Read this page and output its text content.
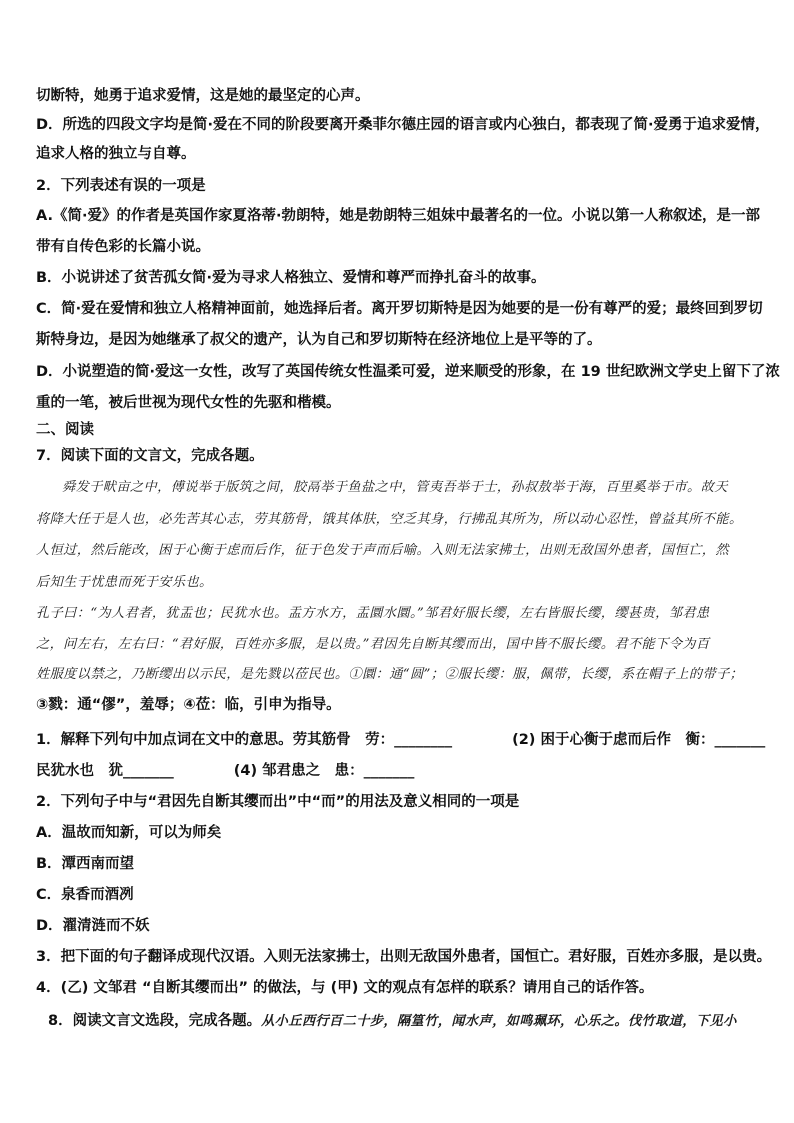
切断特，她勇于追求爱情，这是她的最坚定的心声。
D．所选的四段文字均是简·爱在不同的阶段要离开桑菲尔德庄园的语言或内心独白，都表现了简·爱勇于追求爱情，
追求人格的独立与自尊。
2．下列表述有误的一项是
A.《简·爱》的作者是英国作家夏洛蒂·勃朗特，她是勃朗特三姐妹中最著名的一位。小说以第一人称叙述，是一部
带有自传色彩的长篇小说。
B．小说讲述了贫苦孤女简·爱为寻求人格独立、爱情和尊严而挣扎奋斗的故事。
C．简·爱在爱情和独立人格精神面前，她选择后者。离开罗切斯特是因为她要的是一份有尊严的爱；最终回到罗切
斯特身边，是因为她继承了叔父的遗产，认为自己和罗切斯特在经济地位上是平等的了。
D．小说塑造的简·爱这一女性，改写了英国传统女性温柔可爱，逆来顺受的形象，在 19 世纪欧洲文学史上留下了浓
重的一笔，被后世视为现代女性的先驱和楷模。
二、阅读
7．阅读下面的文言文，完成各题。
舜发于畎亩之中，傅说举于版筑之间，胶鬲举于鱼盐之中，管夷吾举于士，孙叔敖举于海，百里奚举于市。故天
将降大任于是人也，必先苦其心志，劳其筋骨，饿其体肤，空乏其身，行拂乱其所为，所以动心忍性，曾益其所不能。
人恒过，然后能改，困于心衡于虑而后作，征于色发于声而后喻。入则无法家拂士，出则无敌国外患者，国恒亡，然
后知生于忧患而死于安乐也。
孔子曰：“为人君者，犹盂也；民犹水也。盂方水方，盂圜水圜。”邹君好服长缨，左右皆服长缨，缨甚贵，邹君患
之，问左右，左右曰：“君好服，百姓亦多服，是以贵。”君因先自断其缨而出，国中皆不服长缨。君不能下令为百
姓服度以禁之，乃断缨出以示民，是先戮以莅民也。①圜：通“圆”；②服长缨：服，佩带，长缨，系在帽子上的带子；
③戮：通“僇”，羞辱；④莅：临，引申为指导。
1．解释下列句中加点词在文中的意思。劳其筋骨　劳：________	(2) 困于心衡于虑而后作　衡：_______
民犹水也　犹_______	(4) 邹君患之　患：_______
2．下列句子中与“君因先自断其缨而出”中“而”的用法及意义相同的一项是
A．温故而知新，可以为师矣
B．潭西南而望
C．泉香而酒冽
D．濯清涟而不妖
3．把下面的句子翻译成现代汉语。入则无法家拂士，出则无敌国外患者，国恒亡。君好服，百姓亦多服，是以贵。
4．(乙) 文邹君 “自断其缨而出” 的做法，与 (甲) 文的观点有怎样的联系？请用自己的话作答。
8．阅读文言文选段，完成各题。从小丘西行百二十步，隔篁竹，闻水声，如鸣珮环，心乐之。伐竹取道，下见小
